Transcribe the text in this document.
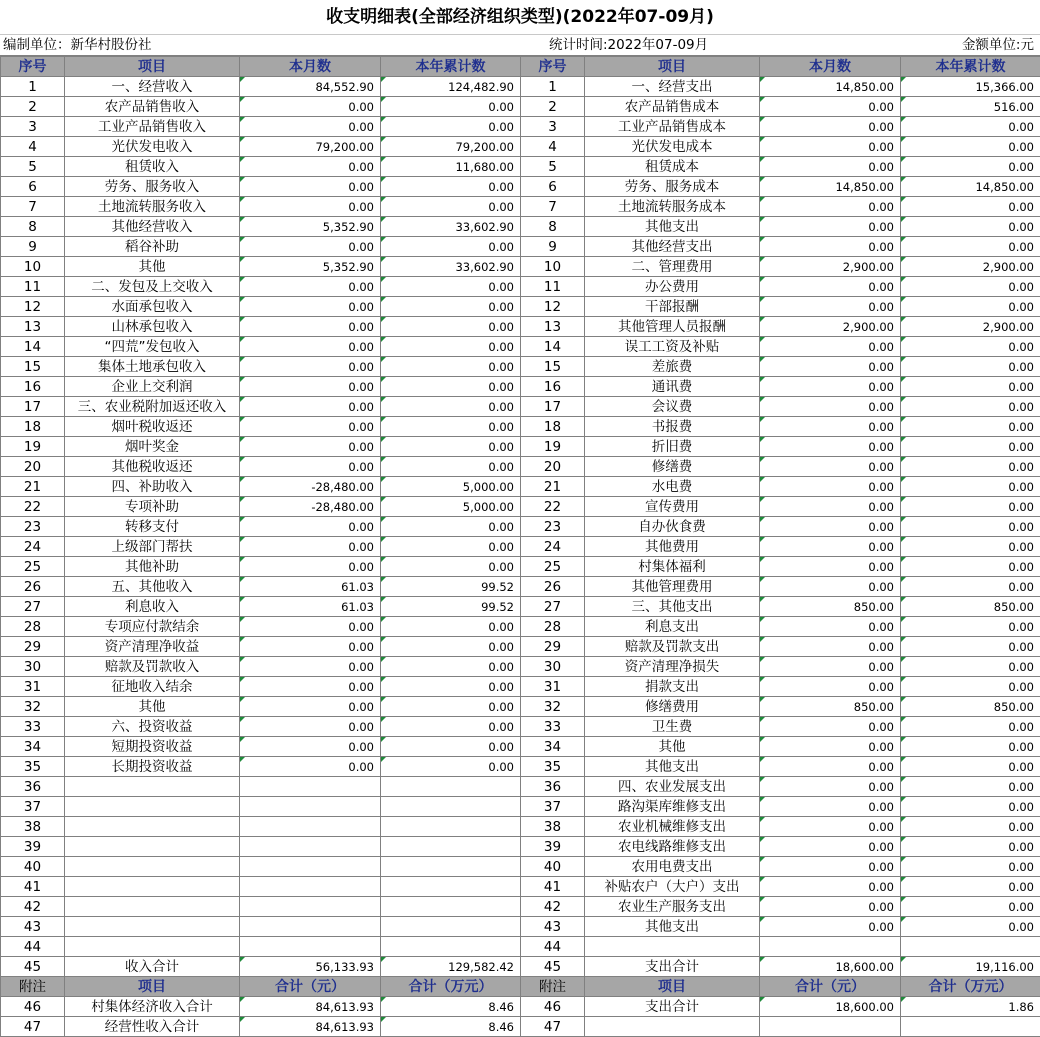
收支明细表(全部经济组织类型)(2022年07-09月)
编制单位：新华村股份社	统计时间:2022年07-09月	金额单位:元
序号	项目	本月数	本年累计数	序号	项目	本月数	本年累计数
1	一、经营收入	84,552.90	124,482.90	1	一、经营支出	14,850.00	15,366.00
2	农产品销售收入	0.00	0.00	2	农产品销售成本	0.00	516.00
3	工业产品销售收入	0.00	0.00	3	工业产品销售成本	0.00	0.00
4	光伏发电收入	79,200.00	79,200.00	4	光伏发电成本	0.00	0.00
5	租赁收入	0.00	11,680.00	5	租赁成本	0.00	0.00
6	劳务、服务收入	0.00	0.00	6	劳务、服务成本	14,850.00	14,850.00
7	土地流转服务收入	0.00	0.00	7	土地流转服务成本	0.00	0.00
8	其他经营收入	5,352.90	33,602.90	8	其他支出	0.00	0.00
9	稻谷补助	0.00	0.00	9	其他经营支出	0.00	0.00
10	其他	5,352.90	33,602.90	10	二、管理费用	2,900.00	2,900.00
11	二、发包及上交收入	0.00	0.00	11	办公费用	0.00	0.00
12	水面承包收入	0.00	0.00	12	干部报酬	0.00	0.00
13	山林承包收入	0.00	0.00	13	其他管理人员报酬	2,900.00	2,900.00
14	“四荒”发包收入	0.00	0.00	14	误工工资及补贴	0.00	0.00
15	集体土地承包收入	0.00	0.00	15	差旅费	0.00	0.00
16	企业上交利润	0.00	0.00	16	通讯费	0.00	0.00
17	三、农业税附加返还收入	0.00	0.00	17	会议费	0.00	0.00
18	烟叶税收返还	0.00	0.00	18	书报费	0.00	0.00
19	烟叶奖金	0.00	0.00	19	折旧费	0.00	0.00
20	其他税收返还	0.00	0.00	20	修缮费	0.00	0.00
21	四、补助收入	-28,480.00	5,000.00	21	水电费	0.00	0.00
22	专项补助	-28,480.00	5,000.00	22	宣传费用	0.00	0.00
23	转移支付	0.00	0.00	23	自办伙食费	0.00	0.00
24	上级部门帮扶	0.00	0.00	24	其他费用	0.00	0.00
25	其他补助	0.00	0.00	25	村集体福利	0.00	0.00
26	五、其他收入	61.03	99.52	26	其他管理费用	0.00	0.00
27	利息收入	61.03	99.52	27	三、其他支出	850.00	850.00
28	专项应付款结余	0.00	0.00	28	利息支出	0.00	0.00
29	资产清理净收益	0.00	0.00	29	赔款及罚款支出	0.00	0.00
30	赔款及罚款收入	0.00	0.00	30	资产清理净损失	0.00	0.00
31	征地收入结余	0.00	0.00	31	捐款支出	0.00	0.00
32	其他	0.00	0.00	32	修缮费用	850.00	850.00
33	六、投资收益	0.00	0.00	33	卫生费	0.00	0.00
34	短期投资收益	0.00	0.00	34	其他	0.00	0.00
35	长期投资收益	0.00	0.00	35	其他支出	0.00	0.00
36				36	四、农业发展支出	0.00	0.00
37				37	路沟渠库维修支出	0.00	0.00
38				38	农业机械维修支出	0.00	0.00
39				39	农电线路维修支出	0.00	0.00
40				40	农用电费支出	0.00	0.00
41				41	补贴农户（大户）支出	0.00	0.00
42				42	农业生产服务支出	0.00	0.00
43				43	其他支出	0.00	0.00
44				44			
45	收入合计	56,133.93	129,582.42	45	支出合计	18,600.00	19,116.00
附注	项目	合计（元）	合计（万元）	附注	项目	合计（元）	合计（万元）
46	村集体经济收入合计	84,613.93	8.46	46	支出合计	18,600.00	1.86
47	经营性收入合计	84,613.93	8.46	47			
